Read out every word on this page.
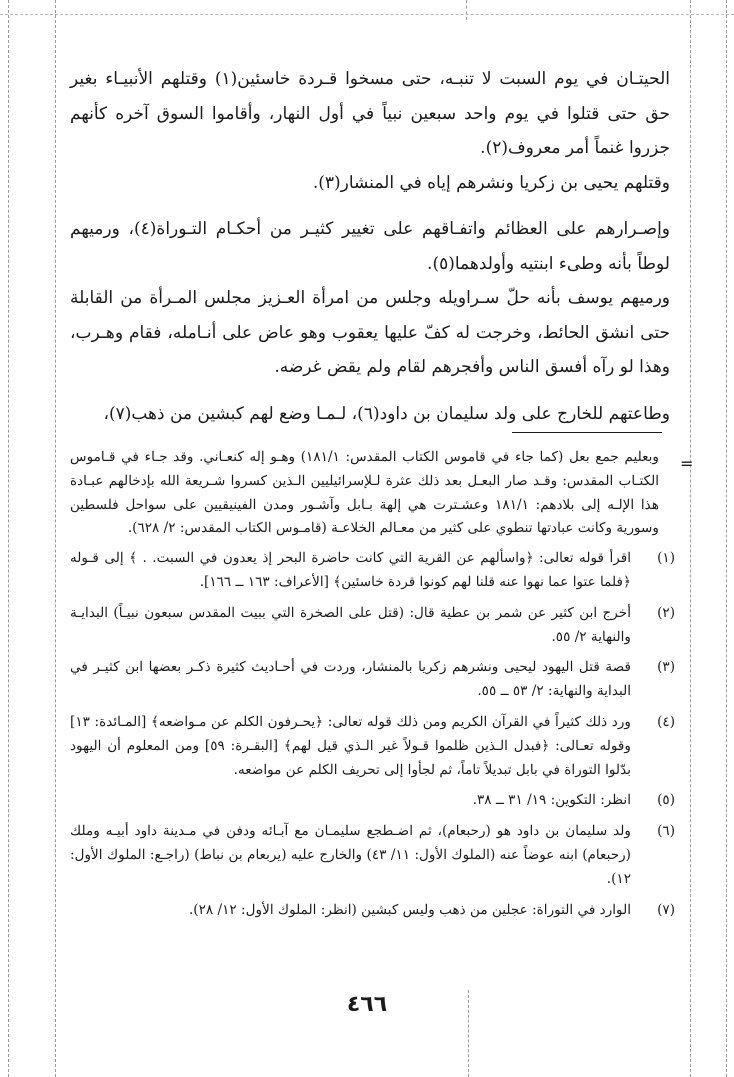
الحيتـان في يوم السبت لا تنبـه، حتى مسخوا قـردة خاسئين(١) وقتلهم الأنبيـاء بغير حق حتى قتلوا في يوم واحد سبعين نبياً في أول النهار، وأقاموا السوق آخره كأنهم جزروا غنماً أمر معروف(٢).

وقتلهم يحيى بن زكريا ونشرهم إياه في المنشار(٣).

وإصـرارهم على العظائم واتفـاقهم على تغيير كثيـر من أحكـام التـوراة(٤)، ورميهم لوطاً بأنه وطىء ابنتيه وأولدهما(٥).

ورميهم يوسف بأنه حلّ سـراويله وجلس من امرأة العـزيز مجلس المـرأة من القابلة حتى انشق الحائط، وخرجت له كفّ عليها يعقوب وهو عاض على أنـامله، فقام وهـرب، وهذا لو رآه أفسق الناس وأفجرهم لقام ولم يقض غرضه.

وطاعتهم للخارج على ولد سليمان بن داود(٦)، لـمـا وضع لهم كبشين من ذهب(٧)،

=

وبعليم جمع بعل (كما جاء في قاموس الكتاب المقدس: ١٨١/١) وهـو إله كنعـاني. وقد جـاء في قـاموس الكتـاب المقدس: وقـد صار البعـل بعد ذلك عثرة لـلإسرائيليين الـذين كسروا شـريعة الله بإدخالهم عبـادة هذا الإلـه إلى بلادهم: ١٨١/١ وعشـترت هي إلهة بـابل وآشـور ومدن الفينيقيين على سواحل فلسطين وسورية وكانت عبادتها تنطوي على كثير من معـالم الخلاعـة (قامـوس الكتاب المقدس: ٢/ ٦٢٨).

(١)
اقرأ قوله تعالى: ﴿واسألهم عن القرية التي كانت حاضرة البحر إذ يعدون في السبت. . ﴾ إلى قـوله ﴿فلما عتوا عما نهوا عنه قلنا لهم كونوا قردة خاسئين﴾ [الأعراف: ١٦٣ ــ ١٦٦].
(٢)
أخرج ابن كثير عن شمر بن عطية قال: (قتل على الصخرة التي ببيت المقدس سبعون نبيـاً) البدايـة والنهاية ٢/ ٥٥.
(٣)
قصة قتل اليهود ليحيى ونشرهم زكريا بالمنشار، وردت في أحـاديث كثيرة ذكـر بعضها ابن كثيـر في البداية والنهاية: ٢/ ٥٣ ــ ٥٥.
(٤)
ورد ذلك كثيراً في القرآن الكريم ومن ذلك قوله تعالى: ﴿يحـرفون الكلم عن مـواضعه﴾ [المـائدة: ١٣] وقوله تعـالى: ﴿فبدل الـذين ظلموا قـولاً غير الـذي قيل لهم﴾ [البقـرة: ٥٩] ومن المعلوم أن اليهود بدّلوا التوراة في بابل تبديلاً تاماً، ثم لجأوا إلى تحريف الكلم عن مواضعه.
(٥)
انظر: التكوين: ١٩/ ٣١ ــ ٣٨.
(٦)
ولد سليمان بن داود هو (رحبعام)، ثم اضـطجع سليمـان مع آبـائه ودفن في مـدينة داود أبيـه وملك (رحبعام) ابنه عوضاً عنه (الملوك الأول: ١١/ ٤٣) والخارج عليه (يربعام بن نباط) (راجـع: الملوك الأول: ١٢).
(٧)
الوارد في التوراة: عجلين من ذهب وليس كبشين (انظر: الملوك الأول: ١٢/ ٢٨).
٤٦٦
